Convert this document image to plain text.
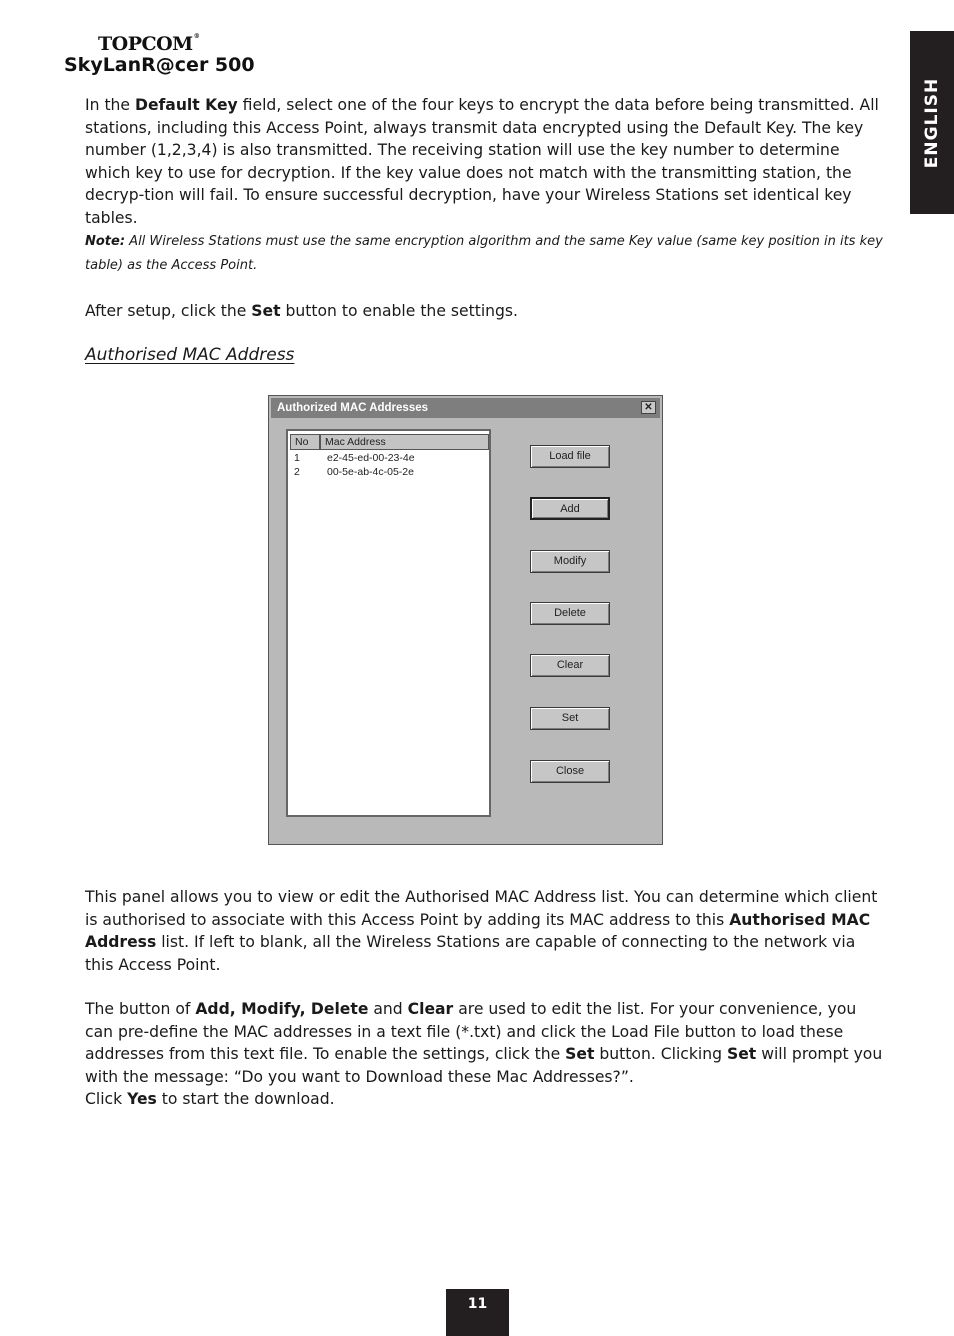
TOPCOM®
SkyLanR@cer 500
ENGLISH
In the Default Key field, select one of the four keys to encrypt the data before being transmitted. All stations, including this Access Point, always transmit data encrypted using the Default Key. The key number (1,2,3,4) is also transmitted. The receiving station will use the key number to determine which key to use for decryption. If the key value does not match with the transmitting station, the decryp-tion will fail. To ensure successful decryption, have your Wireless Stations set identical key tables.
Note: All Wireless Stations must use the same encryption algorithm and the same Key value (same key position in its key table) as the Access Point.
After setup, click the Set button to enable the settings.
Authorised MAC Address
Authorized MAC Addresses	✕
No	Mac Address
1	e2-45-ed-00-23-4e
2	00-5e-ab-4c-05-2e
Load file
Add
Modify
Delete
Clear
Set
Close
This panel allows you to view or edit the Authorised MAC Address list. You can determine which client is authorised to associate with this Access Point by adding its MAC address to this Authorised MAC Address list. If left to blank, all the Wireless Stations are capable of connecting to the network via this Access Point.
The button of Add, Modify, Delete and Clear are used to edit the list. For your convenience, you can pre-define the MAC addresses in a text file (*.txt) and click the Load File button to load these addresses from this text file. To enable the settings, click the Set button. Clicking Set will prompt you with the message: “Do you want to Download these Mac Addresses?”.
Click Yes to start the download.
11
